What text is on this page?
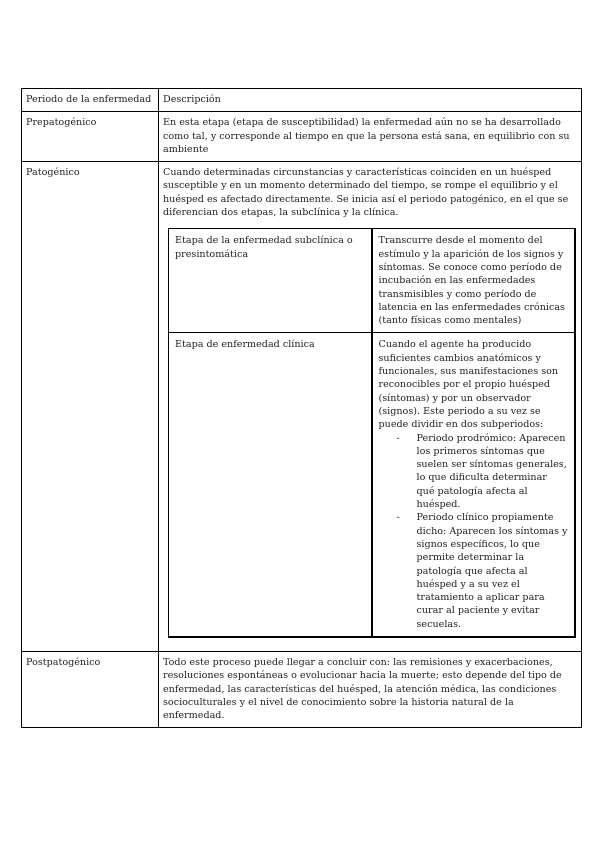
Periodo de la enfermedad	Descripción
Prepatogénico	En esta etapa (etapa de susceptibilidad) la enfermedad aún no se ha desarrollado como tal, y corresponde al tiempo en que la persona está sana, en equilibrio con su ambiente
Patogénico	Cuando determinadas circunstancias y características coinciden en un huésped susceptible y en un momento determinado del tiempo, se rompe el equilibrio y el huésped es afectado directamente. Se inicia así el periodo patogénico, en el que se diferencian dos etapas, la subclínica y la clínica.

Etapa de la enfermedad subclínica o presintomática	Transcurre desde el momento del estímulo y la aparición de los signos y síntomas. Se conoce como período de incubación en las enfermedades transmisibles y como período de latencia en las enfermedades crónicas (tanto físicas como mentales)
Etapa de enfermedad clínica	Cuando el agente ha producido suficientes cambios anatómicos y funcionales, sus manifestaciones son reconocibles por el propio huésped (síntomas) y por un observador (signos). Este periodo a su vez se puede dividir en dos subperiodos:
- Periodo prodrómico: Aparecen los primeros síntomas que suelen ser síntomas generales, lo que dificulta determinar qué patología afecta al huésped.
- Periodo clínico propiamente dicho: Aparecen los síntomas y signos específicos, lo que permite determinar la patología que afecta al huésped y a su vez el tratamiento a aplicar para curar al paciente y evitar secuelas.

Postpatogénico	Todo este proceso puede llegar a concluir con: las remisiones y exacerbaciones, resoluciones espontáneas o evolucionar hacia la muerte; esto depende del tipo de enfermedad, las características del huésped, la atención médica, las condiciones socioculturales y el nivel de conocimiento sobre la historia natural de la enfermedad.
